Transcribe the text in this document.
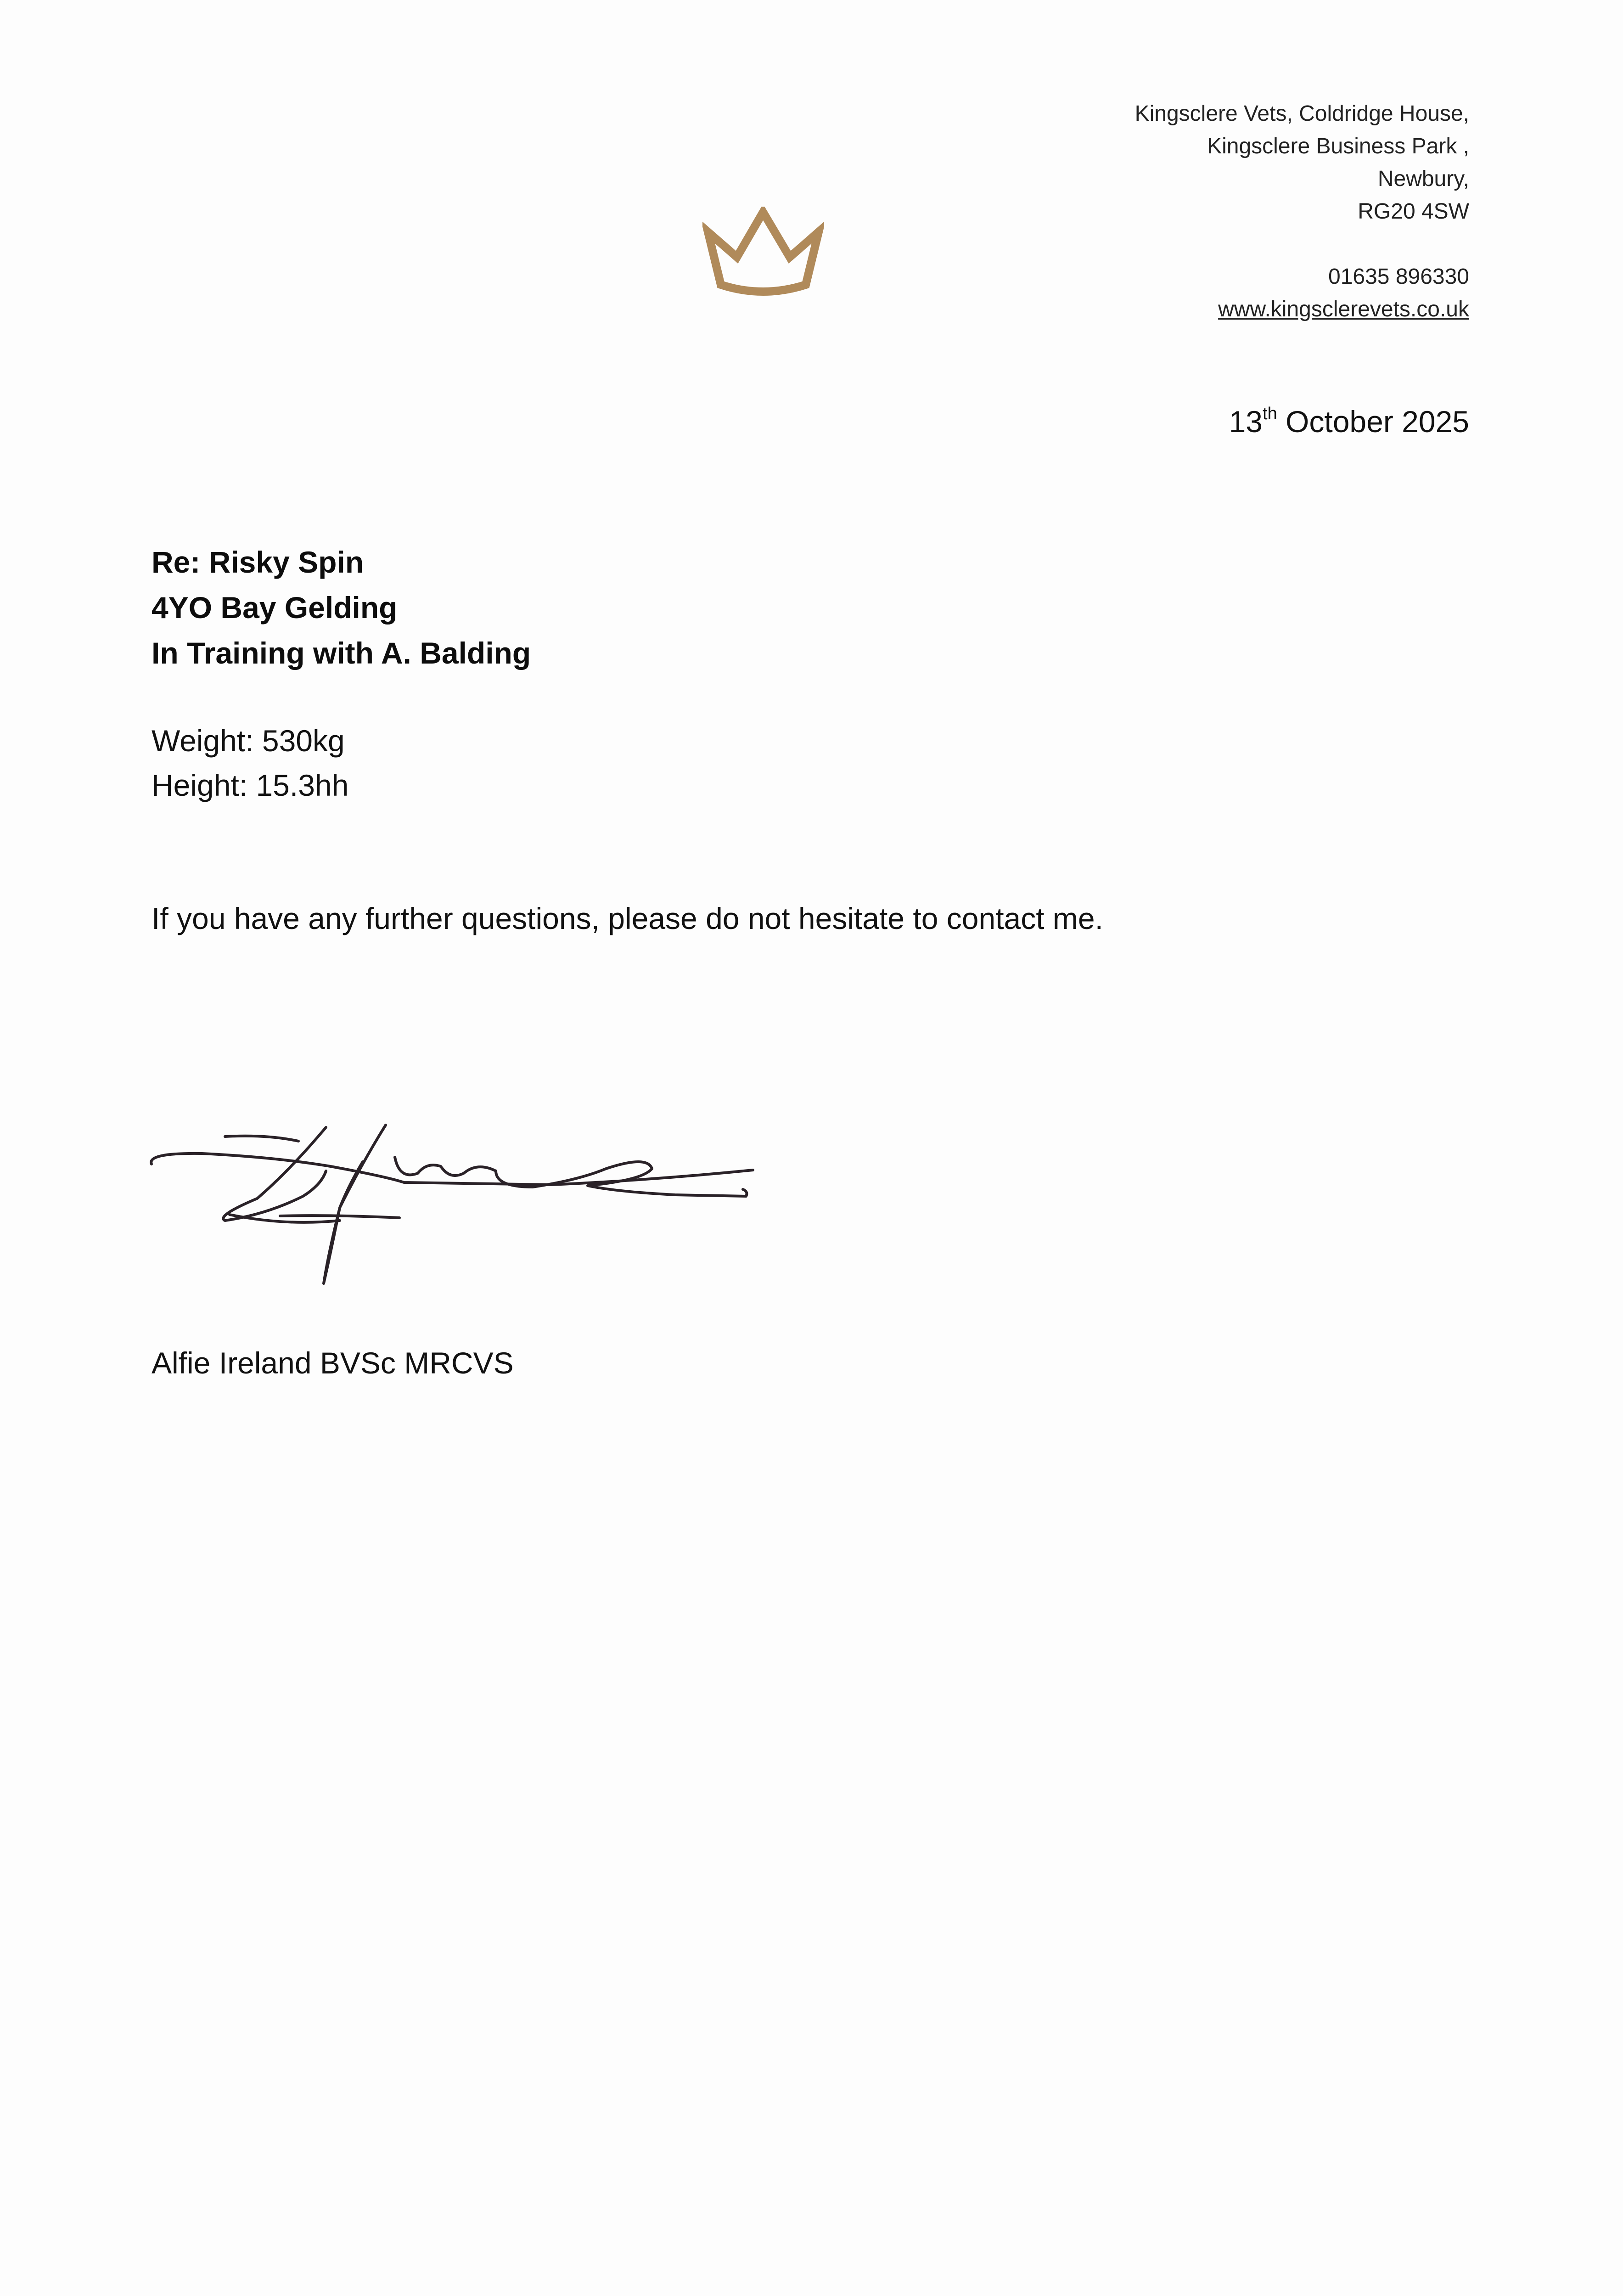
Kingsclere Vets, Coldridge House,
Kingsclere Business Park ,
Newbury,
RG20 4SW
01635 896330
www.kingsclerevets.co.uk
13th October 2025
Re: Risky Spin
4YO Bay Gelding
In Training with A. Balding
Weight: 530kg
Height: 15.3hh
If you have any further questions, please do not hesitate to contact me.
Alfie Ireland BVSc MRCVS
